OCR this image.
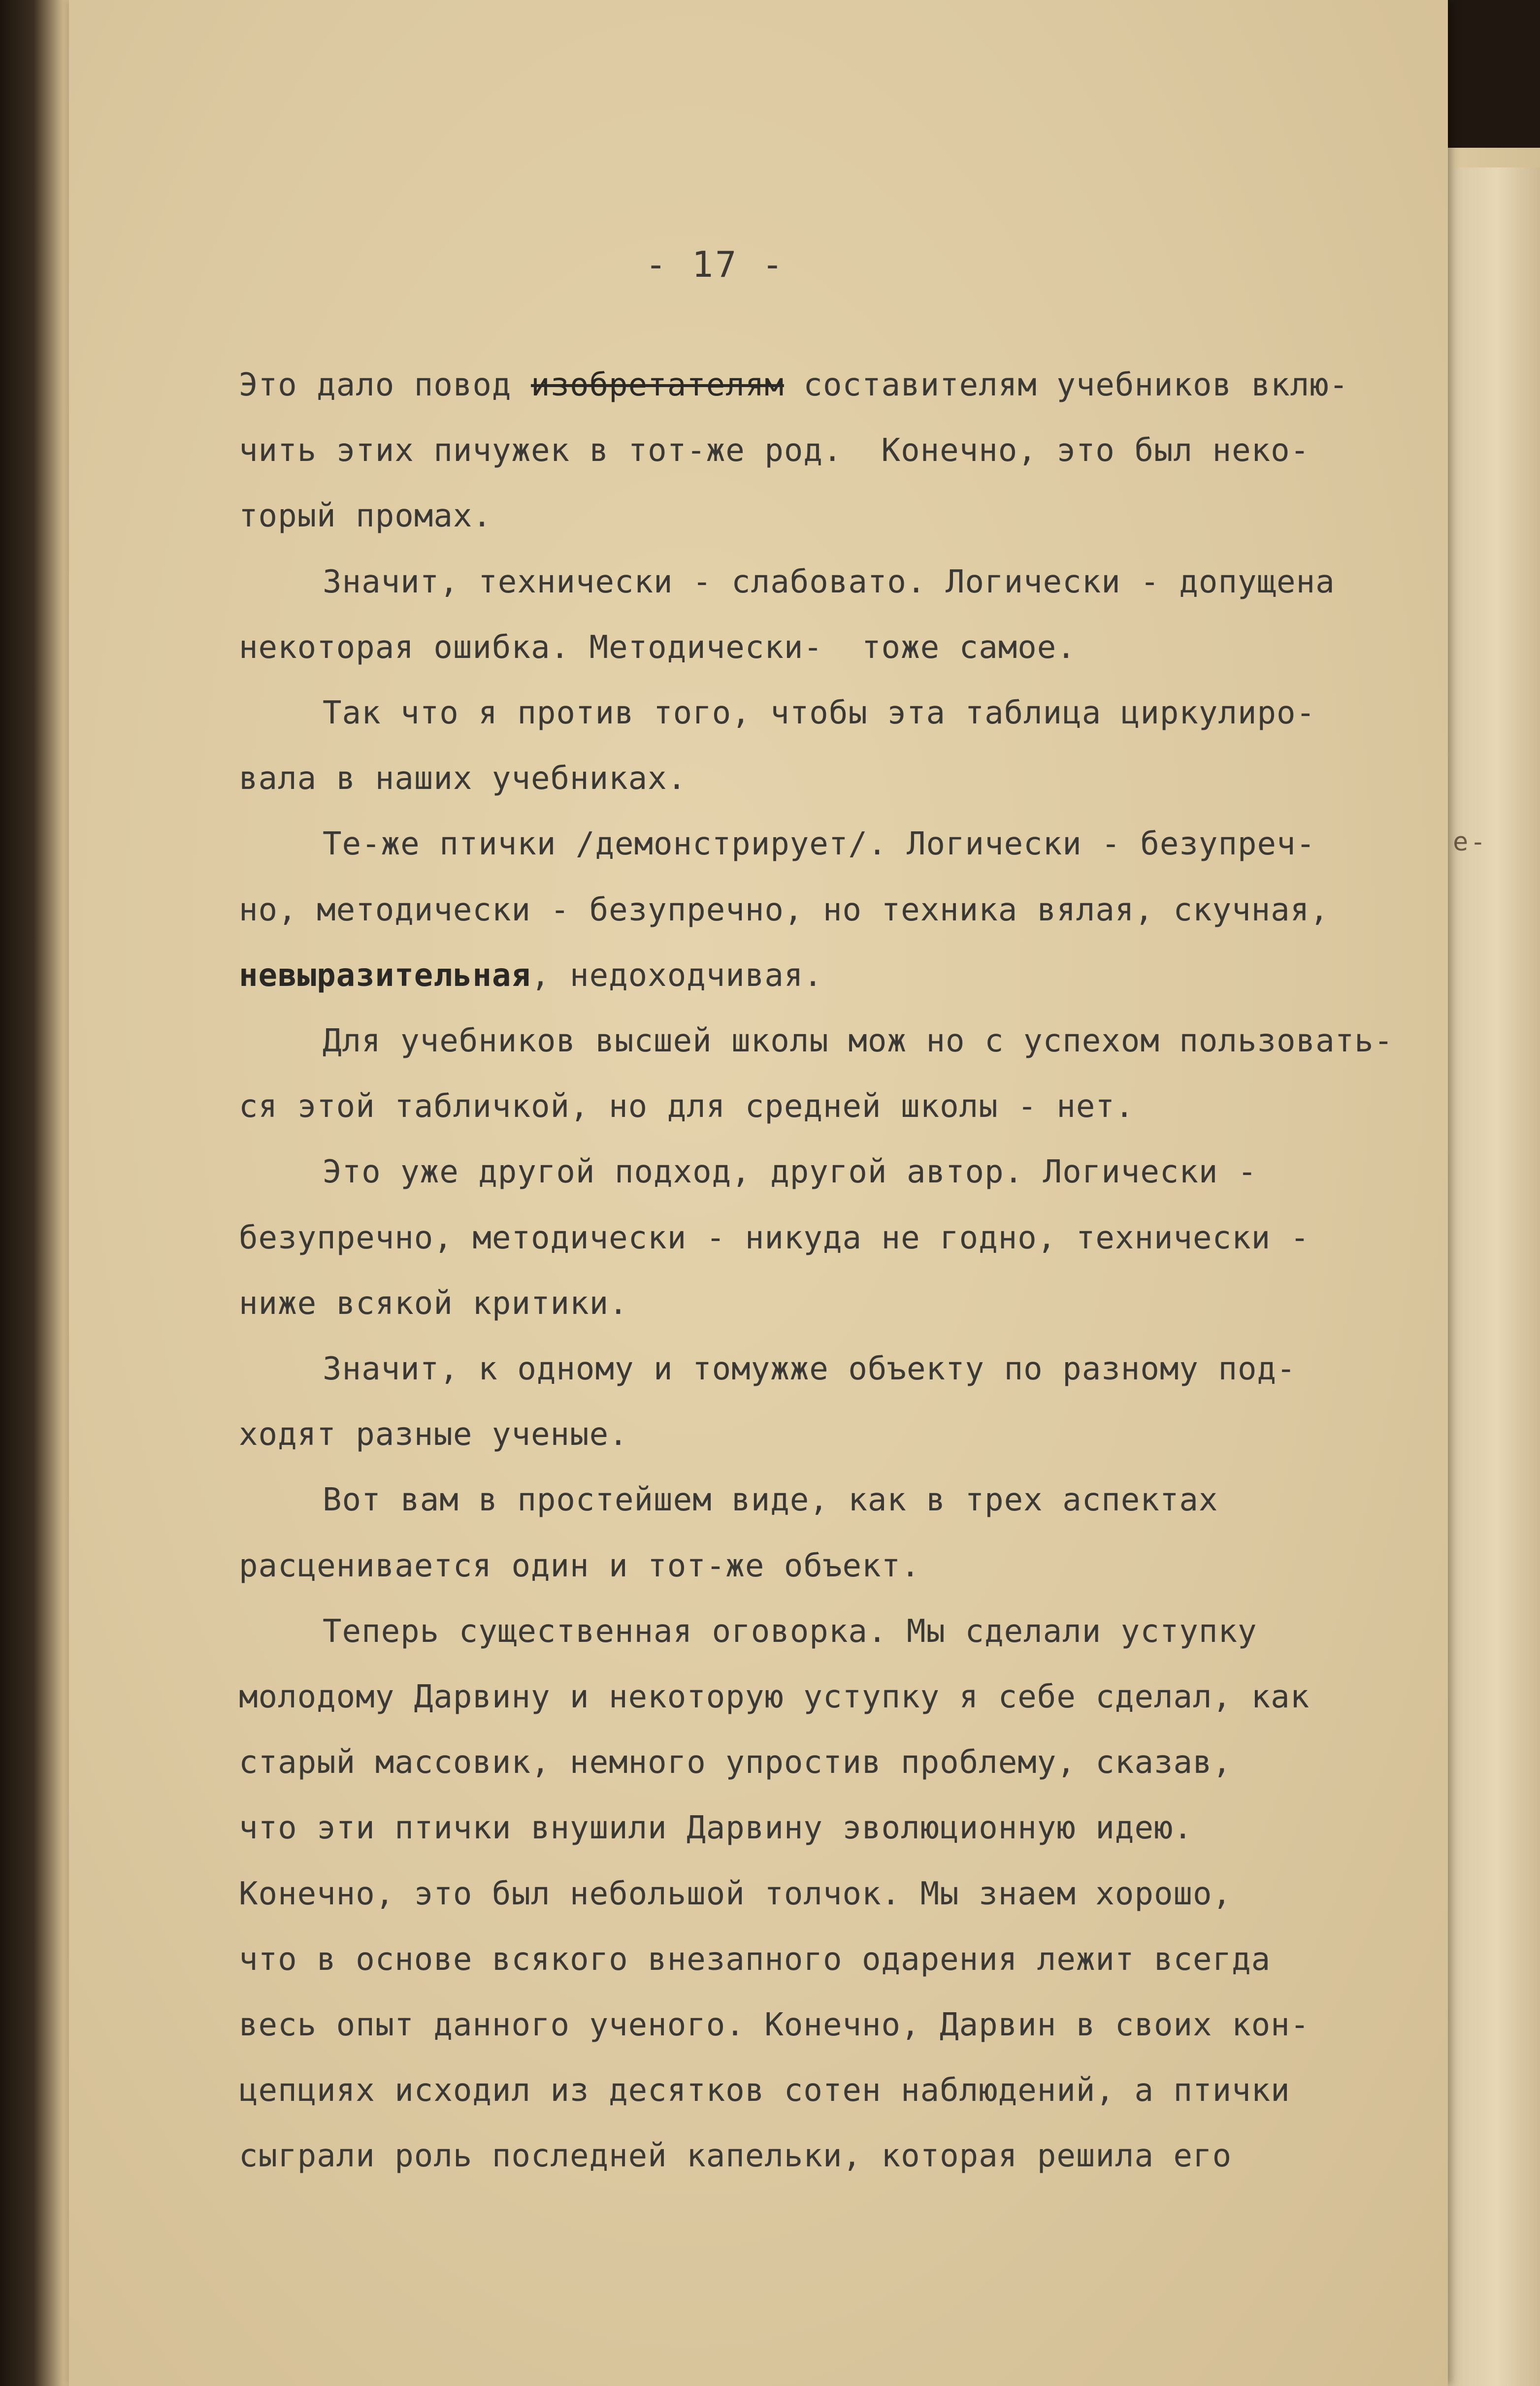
е-
- 17 -
Это дало повод изобретателям составителям учебников вклю-
чить этих пичужек в тот-же род.  Конечно, это был неко-
торый промах.
Значит, технически - слабовато. Логически - допущена
некоторая ошибка. Методически-  тоже самое.
Так что я против того, чтобы эта таблица циркулиро-
вала в наших учебниках.
Те-же птички /демонстрирует/. Логически - безупреч-
но, методически - безупречно, но техника вялая, скучная,
невыразительная, недоходчивая.
Для учебников высшей школы мож но с успехом пользовать-
ся этой табличкой, но для средней школы - нет.
Это уже другой подход, другой автор. Логически -
безупречно, методически - никуда не годно, технически -
ниже всякой критики.
Значит, к одному и томужже объекту по разному под-
ходят разные ученые.
Вот вам в простейшем виде, как в трех аспектах
расценивается один и тот-же объект.
Теперь существенная оговорка. Мы сделали уступку
молодому Дарвину и некоторую уступку я себе сделал, как
старый массовик, немного упростив проблему, сказав,
что эти птички внушили Дарвину эволюционную идею.
Конечно, это был небольшой толчок. Мы знаем хорошо,
что в основе всякого внезапного одарения лежит всегда
весь опыт данного ученого. Конечно, Дарвин в своих кон-
цепциях исходил из десятков сотен наблюдений, а птички
сыграли роль последней капельки, которая решила его
